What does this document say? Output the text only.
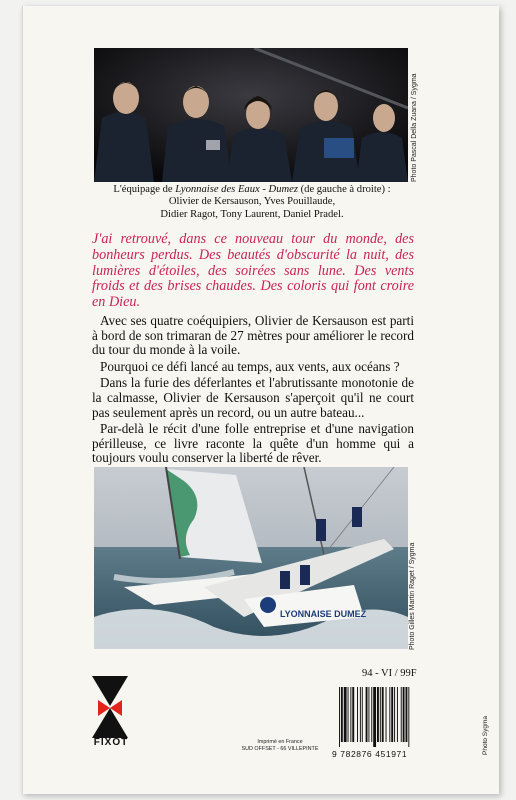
Photo Pascal Della Zuana / Sygma
L'équipage de Lyonnaise des Eaux - Dumez (de gauche à droite) :
Olivier de Kersauson, Yves Pouillaude,
Didier Ragot, Tony Laurent, Daniel Pradel.
J'ai retrouvé, dans ce nouveau tour du monde, des bonheurs perdus. Des beautés d'obscurité la nuit, des lumières d'étoiles, des soirées sans lune. Des vents froids et des brises chaudes. Des coloris qui font croire en Dieu.

Avec ses quatre coéquipiers, Olivier de Kersauson est parti à bord de son trimaran de 27 mètres pour améliorer le record du tour du monde à la voile.

Pourquoi ce défi lancé au temps, aux vents, aux océans ?

Dans la furie des déferlantes et l'abrutissante monotonie de la calmasse, Olivier de Kersauson s'aperçoit qu'il ne court pas seulement après un record, ou un autre bateau...

Par-delà le récit d'une folle entreprise et d'une navigation périlleuse, ce livre raconte la quête d'un homme qui a toujours voulu conserver la liberté de rêver.

LYONNAISE DUMEZ	Photo Gilles Martin Raget / Sygma
Photo Sygma
FIXOT	Imprimé en France
SUD OFFSET - 66 VILLEPINTE
94 - VI / 99F
9 782876 451971
